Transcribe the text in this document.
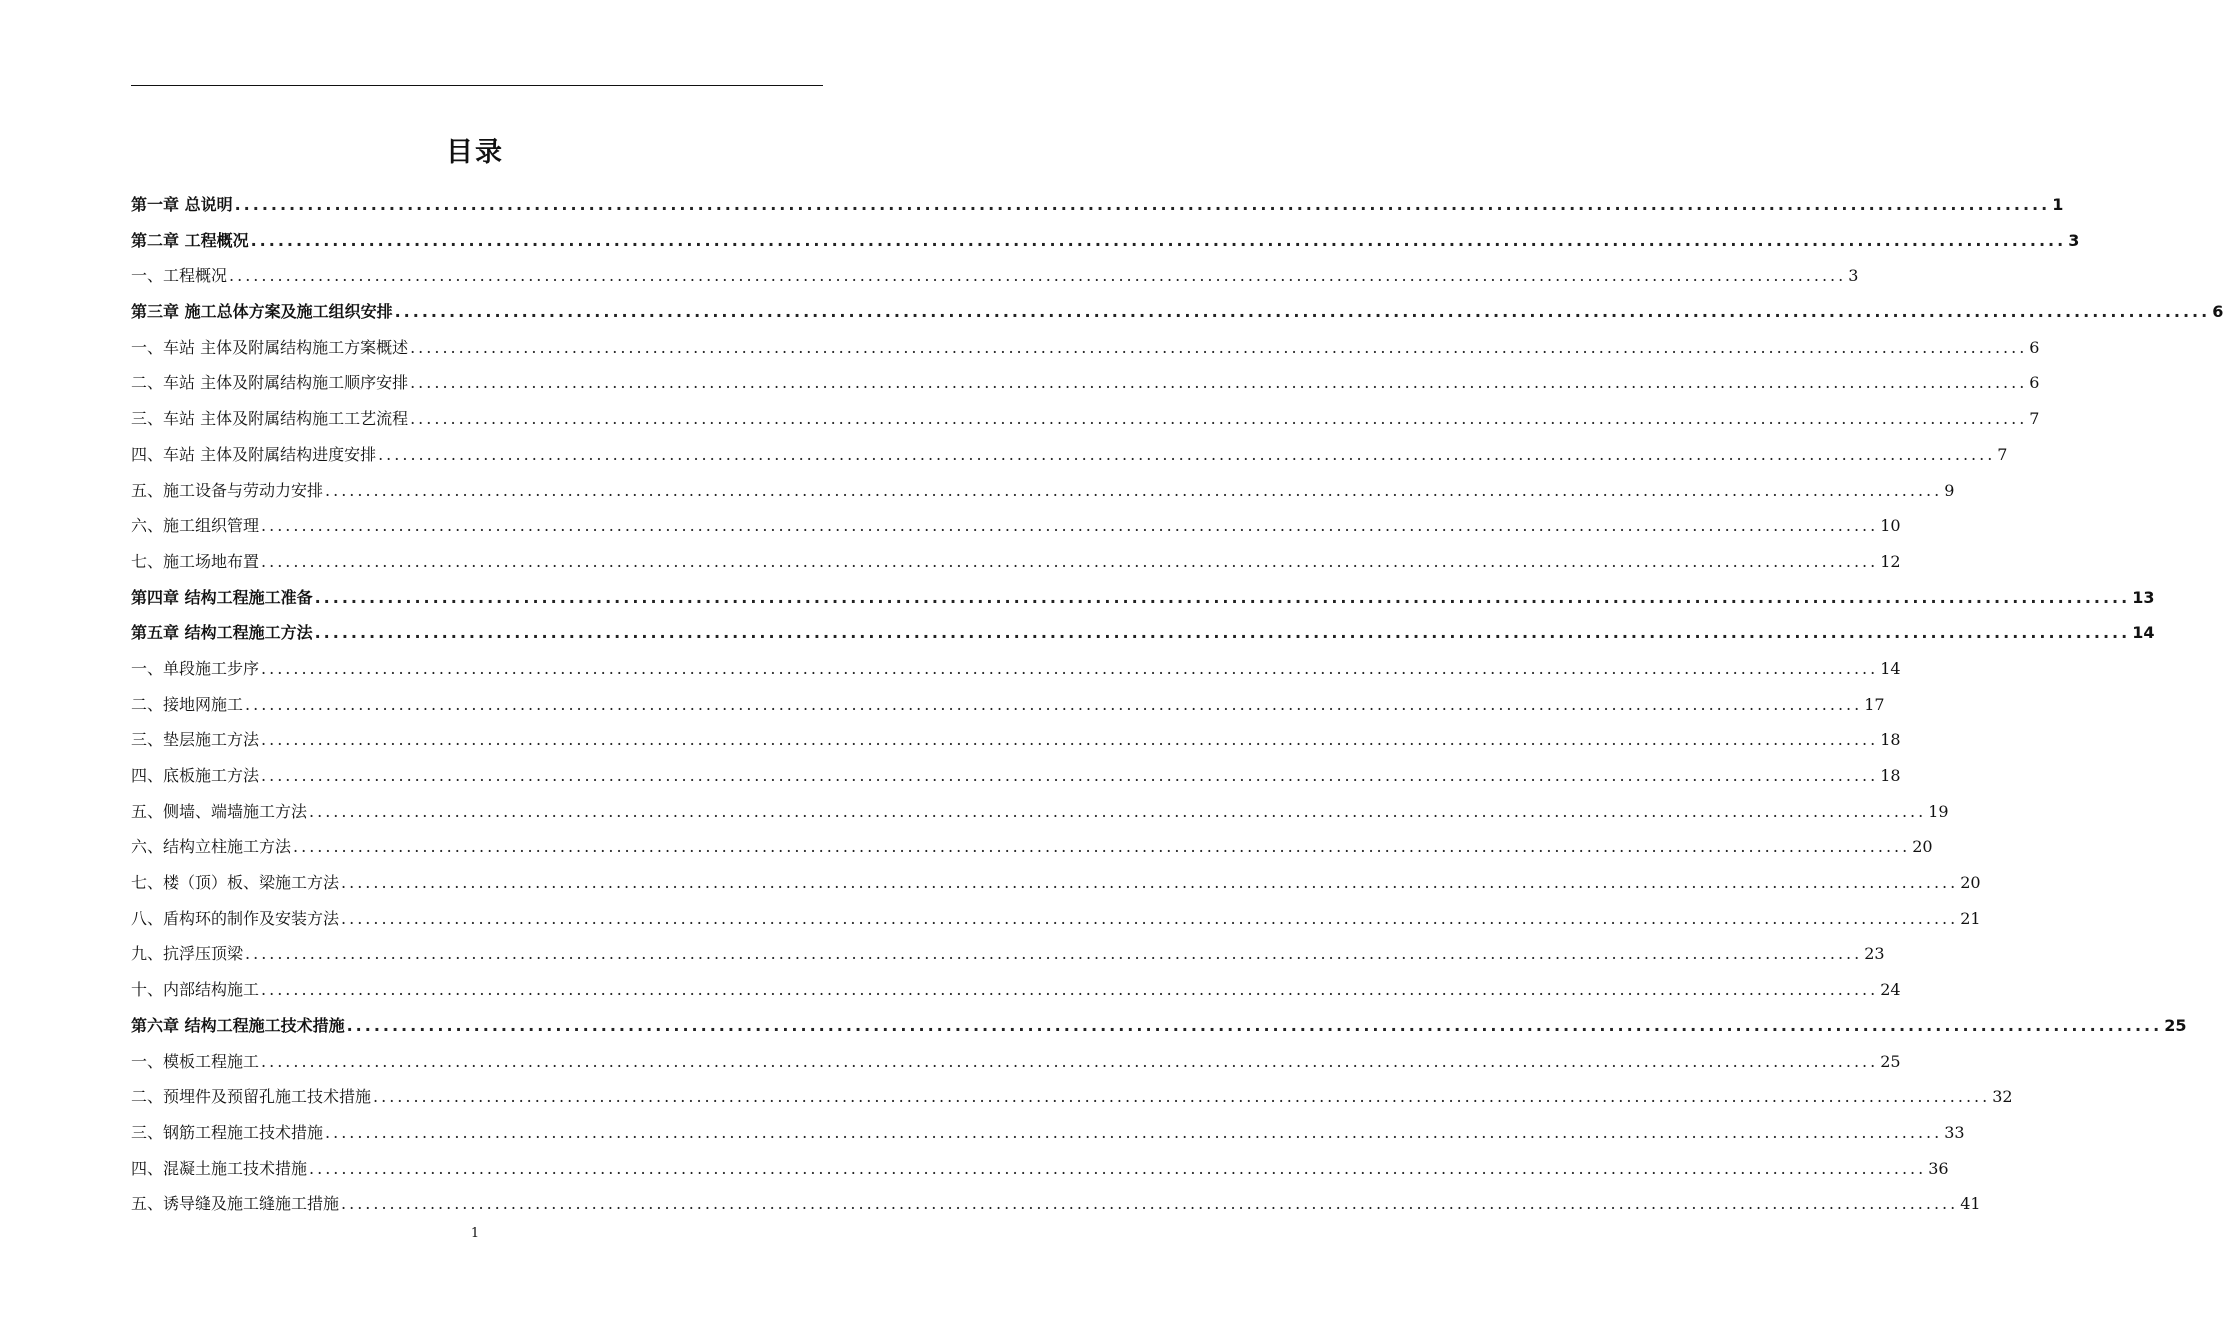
目录
第一章 总说明 ........................................................................................................................................................................................................ 1
第二章 工程概况 ........................................................................................................................................................................................................ 3
一、工程概况 ........................................................................................................................................................................................................ 3
第三章 施工总体方案及施工组织安排 ........................................................................................................................................................................................................ 6
一、车站 主体及附属结构施工方案概述 ........................................................................................................................................................................................................ 6
二、车站 主体及附属结构施工顺序安排 ........................................................................................................................................................................................................ 6
三、车站 主体及附属结构施工工艺流程 ........................................................................................................................................................................................................ 7
四、车站 主体及附属结构进度安排 ........................................................................................................................................................................................................ 7
五、施工设备与劳动力安排 ........................................................................................................................................................................................................ 9
六、施工组织管理 ........................................................................................................................................................................................................ 10
七、施工场地布置 ........................................................................................................................................................................................................ 12
第四章 结构工程施工准备 ........................................................................................................................................................................................................ 13
第五章 结构工程施工方法 ........................................................................................................................................................................................................ 14
一、单段施工步序 ........................................................................................................................................................................................................ 14
二、接地网施工 ........................................................................................................................................................................................................ 17
三、垫层施工方法 ........................................................................................................................................................................................................ 18
四、底板施工方法 ........................................................................................................................................................................................................ 18
五、侧墙、端墙施工方法 ........................................................................................................................................................................................................ 19
六、结构立柱施工方法 ........................................................................................................................................................................................................ 20
七、楼（顶）板、梁施工方法 ........................................................................................................................................................................................................ 20
八、盾构环的制作及安装方法 ........................................................................................................................................................................................................ 21
九、抗浮压顶梁 ........................................................................................................................................................................................................ 23
十、内部结构施工 ........................................................................................................................................................................................................ 24
第六章 结构工程施工技术措施 ........................................................................................................................................................................................................ 25
一、模板工程施工 ........................................................................................................................................................................................................ 25
二、预埋件及预留孔施工技术措施 ........................................................................................................................................................................................................ 32
三、钢筋工程施工技术措施 ........................................................................................................................................................................................................ 33
四、混凝土施工技术措施 ........................................................................................................................................................................................................ 36
五、诱导缝及施工缝施工措施 ........................................................................................................................................................................................................ 41
1
